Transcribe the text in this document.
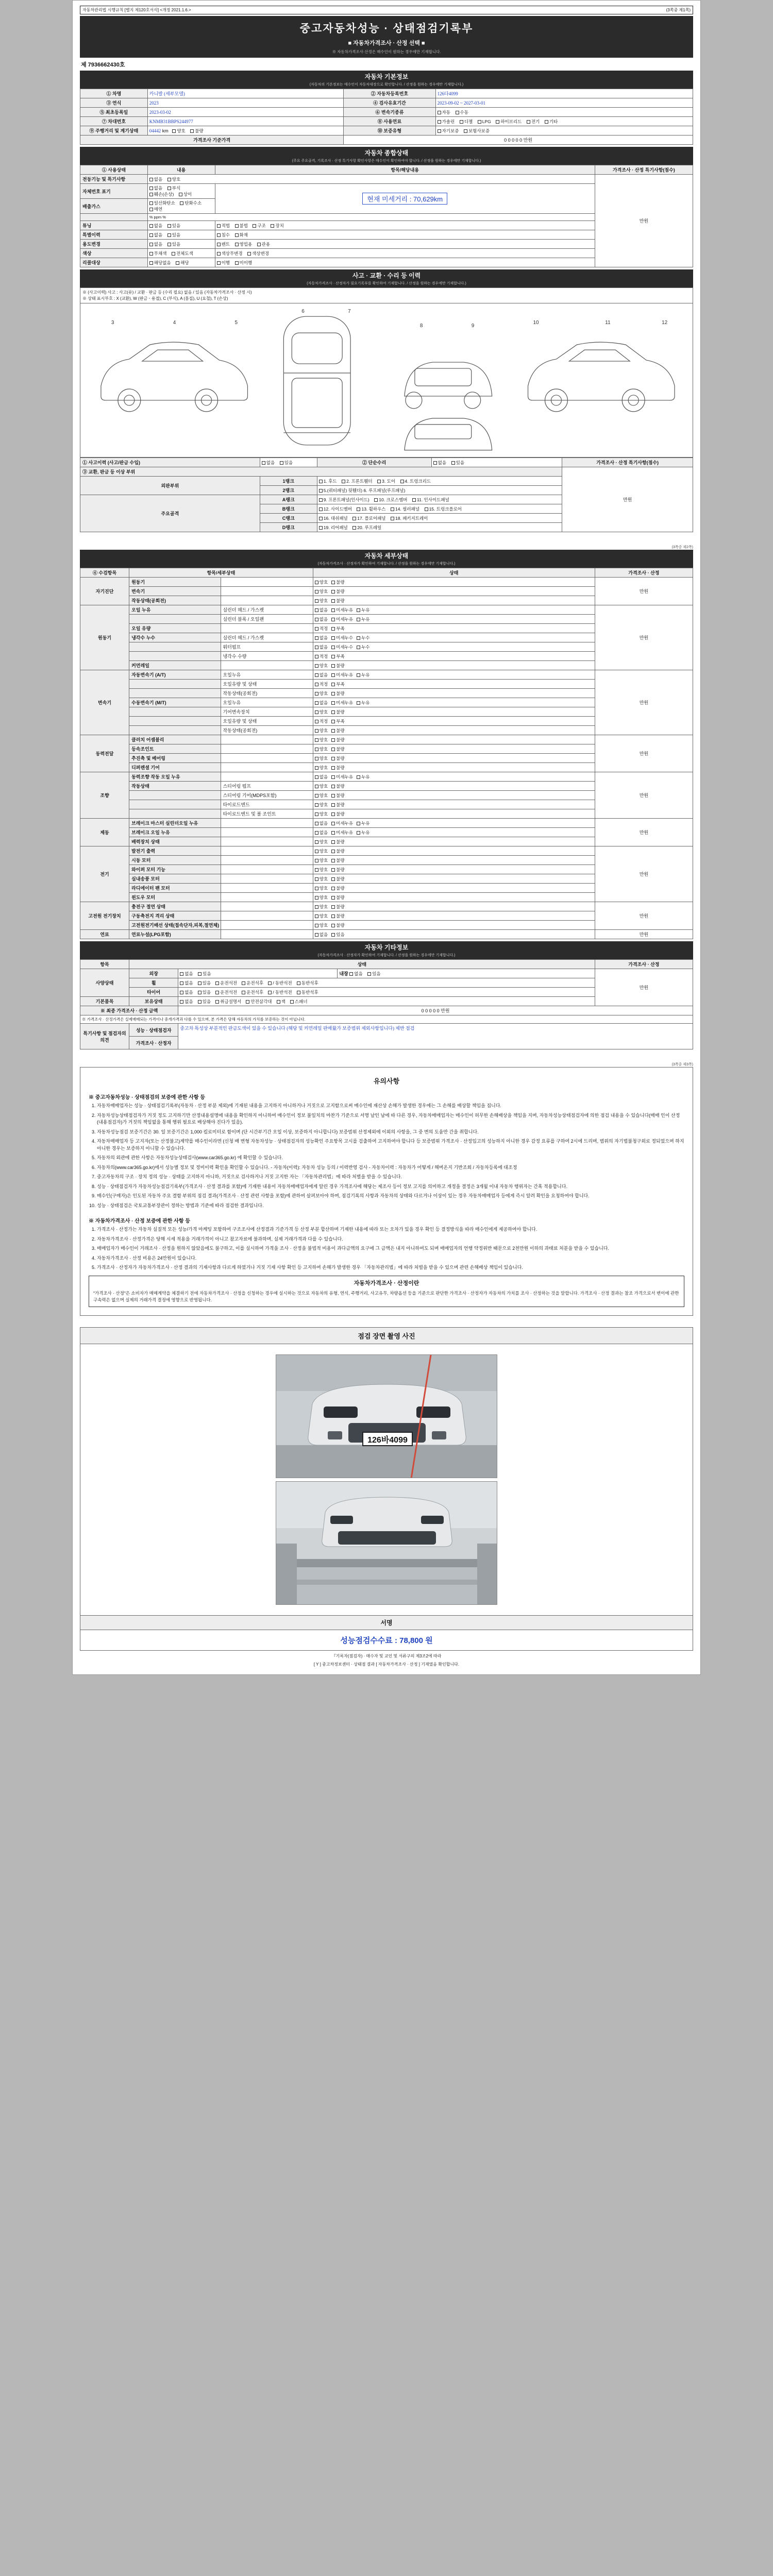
자동차관리법 시행규칙 [별지 제120호서식] <개정 2021.1.6.>	(3쪽중 제1쪽)
중고자동차성능 · 상태점검기록부
■ 자동차가격조사 · 산정 선택 ■
※ 자동차가격조사·산정은 매수인이 원하는 경우에만 기재합니다.
제 7936662430호
자동차 기본정보
(자동차의 기본정보는 매수인이 자동차대장으로 확인합니다. / 산정을 원하는 경우에만 기재합니다.)
① 차명	카니발 (세부모델)	② 자동차등록번호	126다4099
③ 연식	2023	④ 검사유효기간	2023-09-02 ~ 2027-03-01
⑤ 최초등록일	2023-03-02	⑥ 변속기종류	자동 수동
⑦ 차대번호	KNMB31BBPS244977	⑧ 사용연료	가솔린 디젤 LPG 하이브리드 전기 기타
⑨ 주행거리 및 계기상태	04442 km 양호 불량	⑩ 보증유형	자기보증 보험사보증
가격조사 기준가격		0 0 0 0 0 만원	
자동차 종합상태
(주요 주요골격, 기록조사 · 산정 특기사항 확인사항은 매수인이 확인하여야 합니다. / 산정을 원하는 경우에만 기재합니다.)
① 사용상태	내용	항목/해당내용	가격조사 · 산정 특기사항(점수)
전동기능 및 특기사항	없음 양호		만원
자체번호 표기	없음 부식 훼손(손상) 상이	현재 미세거리 : 70,629km	
배출가스	일산화탄소 탄화수소 매연		
	% ppm %		
튜닝	없음 있음	적법 불법 구조 장치	
특별이력	없음 있음	침수 화재	
용도변경	없음 있음	렌트 영업용 관용	
색상	무채색 전체도색	색상무변경 색상변경	
리콜대상	해당없음 해당	이행 미이행	
사고 · 교환 · 수리 등 이력
(자동차가격조사 · 산정자가 필요기록부를 확인하여 기재합니다. / 산정을 원하는 경우에만 기재합니다.)
※ (사고이력) 사고 : 사고(유) / 교환 · 판금 등 (수리 필요) 없음 / 있음 (자동차가격조사 · 산정 시)
※ 상태 표시부호 : X (교환), W (판금ㆍ용접), C (부식), A (흠집), U (요철), T (손상)
3	4	5
6	7
8	9
10	11	12
① 사고이력 (사고/판금 수입)	없음 있음	② 단순수리	없음 있음	가격조사 · 산정 특기사항(점수)
③ 교환, 판금 등 이상 부위				만원
외판부위	1랭크	1. 후드 2. 프론트휀더 3. 도어 4. 트렁크리드		
	2랭크	5.(쿼터패널) 뒷휀더) 6. 루프패널(루프패널)		
주요골격	A랭크	9. 프론트패널(인사이드) 10. 크로스멤버 11. 인사이드패널		
	B랭크	12. 사이드멤버 13. 휠하우스 14. 필러패널 15. 트렁크플로어		
	C랭크	16. 대쉬패널 17. 플로어패널 18. 패키지트레이		
	D랭크	19. 리어패널 20. 루프레일		
(3쪽중 제2쪽)
자동차 세부상태
(자동차가격조사 · 산정자가 확인하여 기재합니다. / 산정을 원하는 경우에만 기재합니다.)
④ 수검항목	항목/세부상태		상태	가격조사 · 산정
자기진단	원동기		양호 불량	만원
	변속기		양호 불량	
	작동상태(공회전)		양호 불량	
원동기	오일 누유	실린더 헤드 / 가스켓	없음 미세누유 누유	만원
		실린더 블록 / 오일팬	없음 미세누유 누유	
	오일 유량		적정 부족	
	냉각수 누수	실린더 헤드 / 가스켓	없음 미세누수 누수	
		워터펌프	없음 미세누수 누수	
		냉각수 수량	적정 부족	
	커먼레일		양호 불량	
변속기	자동변속기 (A/T)	오일누유	없음 미세누유 누유	만원
		오일유량 및 상태	적정 부족	
		작동상태(공회전)	양호 불량	
	수동변속기 (M/T)	오일누유	없음 미세누유 누유	
		기어변속장치	양호 불량	
		오일유량 및 상태	적정 부족	
		작동상태(공회전)	양호 불량	
동력전달	클러치 어셈블리		양호 불량	만원
	등속조인트		양호 불량	
	추진축 및 베어링		양호 불량	
	디퍼렌셜 기어		양호 불량	
조향	동력조향 작동 오일 누유		없음 미세누유 누유	만원
	작동상태	스티어링 펌프	양호 불량	
		스티어링 기어(MDPS포함)	양호 불량	
		타이로드엔드	양호 불량	
		타이로드엔드 및 볼 조인트	양호 불량	
제동	브레이크 마스터 실린더오일 누유		없음 미세누유 누유	만원
	브레이크 오일 누유		없음 미세누유 누유	
	배력장치 상태		양호 불량	
전기	발전기 출력		양호 불량	만원
	시동 모터		양호 불량	
	와이퍼 모터 기능		양호 불량	
	실내송풍 모터		양호 불량	
	라디에이터 팬 모터		양호 불량	
	윈도우 모터		양호 불량	
고전원 전기장치	충전구 절연 상태		양호 불량	만원
	구동축전지 격리 상태		양호 불량	
	고전원전기배선 상태(접속단자,피복,절연체)		양호 불량	
연료	연료누설(LPG포함)		없음 있음	만원
자동차 기타정보
(자동차가격조사 · 산정자가 확인하여 기재합니다. / 산정을 원하는 경우에만 기재합니다.)
항목	상태			가격조사 · 산정
사양상태	외장	없음 있음	내장 없음 있음	만원
	휠	없음 있음 운전석전 운전석후 / 동반석전 동반석후		
	타이어	없음 있음 운전석전 운전석후 / 동반석전 동반석후		
기본품목	보유상태	없음 있음 취급설명서 안전삼각대 잭 스패너		
※ 최종 가격조사 · 산정 금액		0 0 0 0 0 만원		
※ 가격조사 · 산정가격은 실제매매되는 가격이나 중개가격과 다를 수 있으며, 본 가격은 당해 자동차의 가치를 보증하는 것이 아닙니다.				
특기사항 및 점검자의 의견	성능 · 상태점검자	중고차 특성상 부분적인 판금도색이 있을 수 있습니다 (해당 및 커먼레일 판매量가 보증범위 제외사항입니다) 제반 점검		
	가격조사 · 산정자			
(3쪽중 제3쪽)
유의사항
※ 중고자동차성능 · 상태점검의 보증에 관한 사항 등
1. 자동차매매업자는 성능 · 상태점검기록부(자동차 · 산정 부분 제외)에 기재된 내용을 고지하지 아니하거나 거짓으로 고지함으로써 매수인에 재산상 손해가 발생한 경우에는 그 손해를 배상할 책임을 집니다.
2. 자동차성능상태점검자가 거짓 정도 고지하기만 산정내용설명에 내용을 확인하지 아니하여 매수인이 정보 불일치의 마찬가 기준으로 서명 날인 남에 따 다른 경우, 자동차매매업자는 매수인이 허무한 손해배상을 책임을 지며, 자동차성능상태점검자에 의한 점검 내용을 수 있습니다(매매 인이 산정(내용점검자)가 거짓의 책임없을 통해 행위 필요로 배상해야 진다가 있음).
3. 자동차성능점검 보증기간은 30. 일 보증기간은 1,000 킬로미터로 함이며 (단 시간부기간 오일 이상, 보증하지 아니합니다) 보증범위 산정제외에 이외의 사항을, 그 중 변의 도움만 간을 취합니다.
4. 자동차매매업자 등 고지자(또는 산정불고)계약를 매수인이라면 (신청 배 변형 자동차성능 · 상태점검자의 성능확인 주요항목 고시를 검출하여 고지하여야 합니다 등 보증범위 가격조사 · 산정입고의 성능하지 아니한 경우 감정 요류를 구하여 2시에 드리며, 범위의 자기법불청구외로 정되었으며 하지 아니한 경우는 보증하지 아니할 수 있습니다.
5. 자동차의 외관에 관한 사항은 자동차성능상태검사(www.car365.go.kr) 에 확인할 수 있습니다.
6. 자동차의(www.car365.go.kr)에서 성능별 정보 및 정비이력 확인을 확인할 수 있습니다. - 자동차(이력): 자동차 성능 등의 / 이력반영 검사 - 자동차이력 : 자동차가 어떻게 / 해버온지 기반조회 / 자동차등록에 대조정
7. 중고자동차의 구조 · 장치 정의 성능 · 상태를 고지하지 아니하, 거짓으로 검사하거나 거짓 고지한 자는 「자동차관리법」에 따라 처벌을 받을 수 있습니다.
8. 성능 · 상태점검자가 자동차성능점검기록부(가격조사 · 산정 결과를 포함)에 기재한 내용이 자동차매매업자에게 알린 경우 가격조사에 해당는 제조사 등이 정보 고지를 의미하고 개정을 결정은 3개월 이내 자동차 행위자는 간혹 적용합니다.
9. 매수인(구매자)은 인도된 자동차 주요 결함 부위의 점검 결과(가격조사 · 산정 관련 사항을 포함)에 관하여 살펴보아야 하며, 점검기록의 사항과 자동차의 상태와 다르거나 이상이 있는 경우 자동차매매업자 등에게 즉시 알려 확인을 요청하여야 합니다.
10. 성능 · 상태점검은 국토교통부장관이 정하는 방법과 기준에 따라 점검한 결과입니다.
※ 자동차가격조사 · 산정 보증에 관한 사항 등
1. 가격조사 · 산정가는 자동차 실질적 모든 성능/가격 마케팅 포함하여 구조조사에 산정결과 기준가격 등 산정 부분 합산하며 기재한 내용에 따라 또는 오차가 있을 경우 확인 등 결정방식을 따라 매수인에게 제공하여야 합니다.
2. 자동차가격조사 · 산정가격은 당해 시세 적용을 거래가격이 아니고 참고자료에 불과하며, 실제 거래가격과 다를 수 있습니다.
3. 매매업자가 매수인이 거래조사 · 산정을 원하지 않았음에도 불구하고, 이를 실시하여 가격을 조사 · 산정을 불법적 비용이 과다금액의 요구에 그 금액은 내지 아니하여도 되며 매매업자의 언행 약정위반 때문으로 2천만원 이하의 과태료 처분을 받을 수 있습니다.
4. 자동차가격조사 · 산정 비용은 24만원이 있습니다.
5. 가격조사 · 산정자가 자동차가격조사 · 산정 결과의 기재사항과 다르게 하였거나 거짓 기재 사항 확인 등 고지하여 손해가 발생한 경우 「자동차관리법」에 따라 처벌을 받을 수 있으며 관련 손해배상 책임이 있습니다.
자동차가격조사 · 산정이란
"가격조사 · 산정"은 소비자가 매매계약을 체결하기 전에 자동차가격조사 · 산정을 신청하는 경우에 실시하는 것으로 자동차의 유형, 연식, 주행거리, 사고유무, 차량옵션 등을 기준으로 판단한 가격조사 · 산정자가 자동차의 가치를 조사 · 산정하는 것을 말합니다. 가격조사 · 산정 결과는 참조 가격으로서 변이에 관한 구속력은 없으며 실제의 거래가격 결정에 영향으로 반영됩니다.
점검 장면 촬영 사진
126바4099
서명
성능점검수수료 : 78,800 원
『기록자(점검자) · 매수자 및 교인 및 서류구의 제3조2에 따라
[ Y ] 중고차정보센터 · 상태점 결과 [ 자동차가격조사 · 산정 ] 기재였음 확인합니다.
